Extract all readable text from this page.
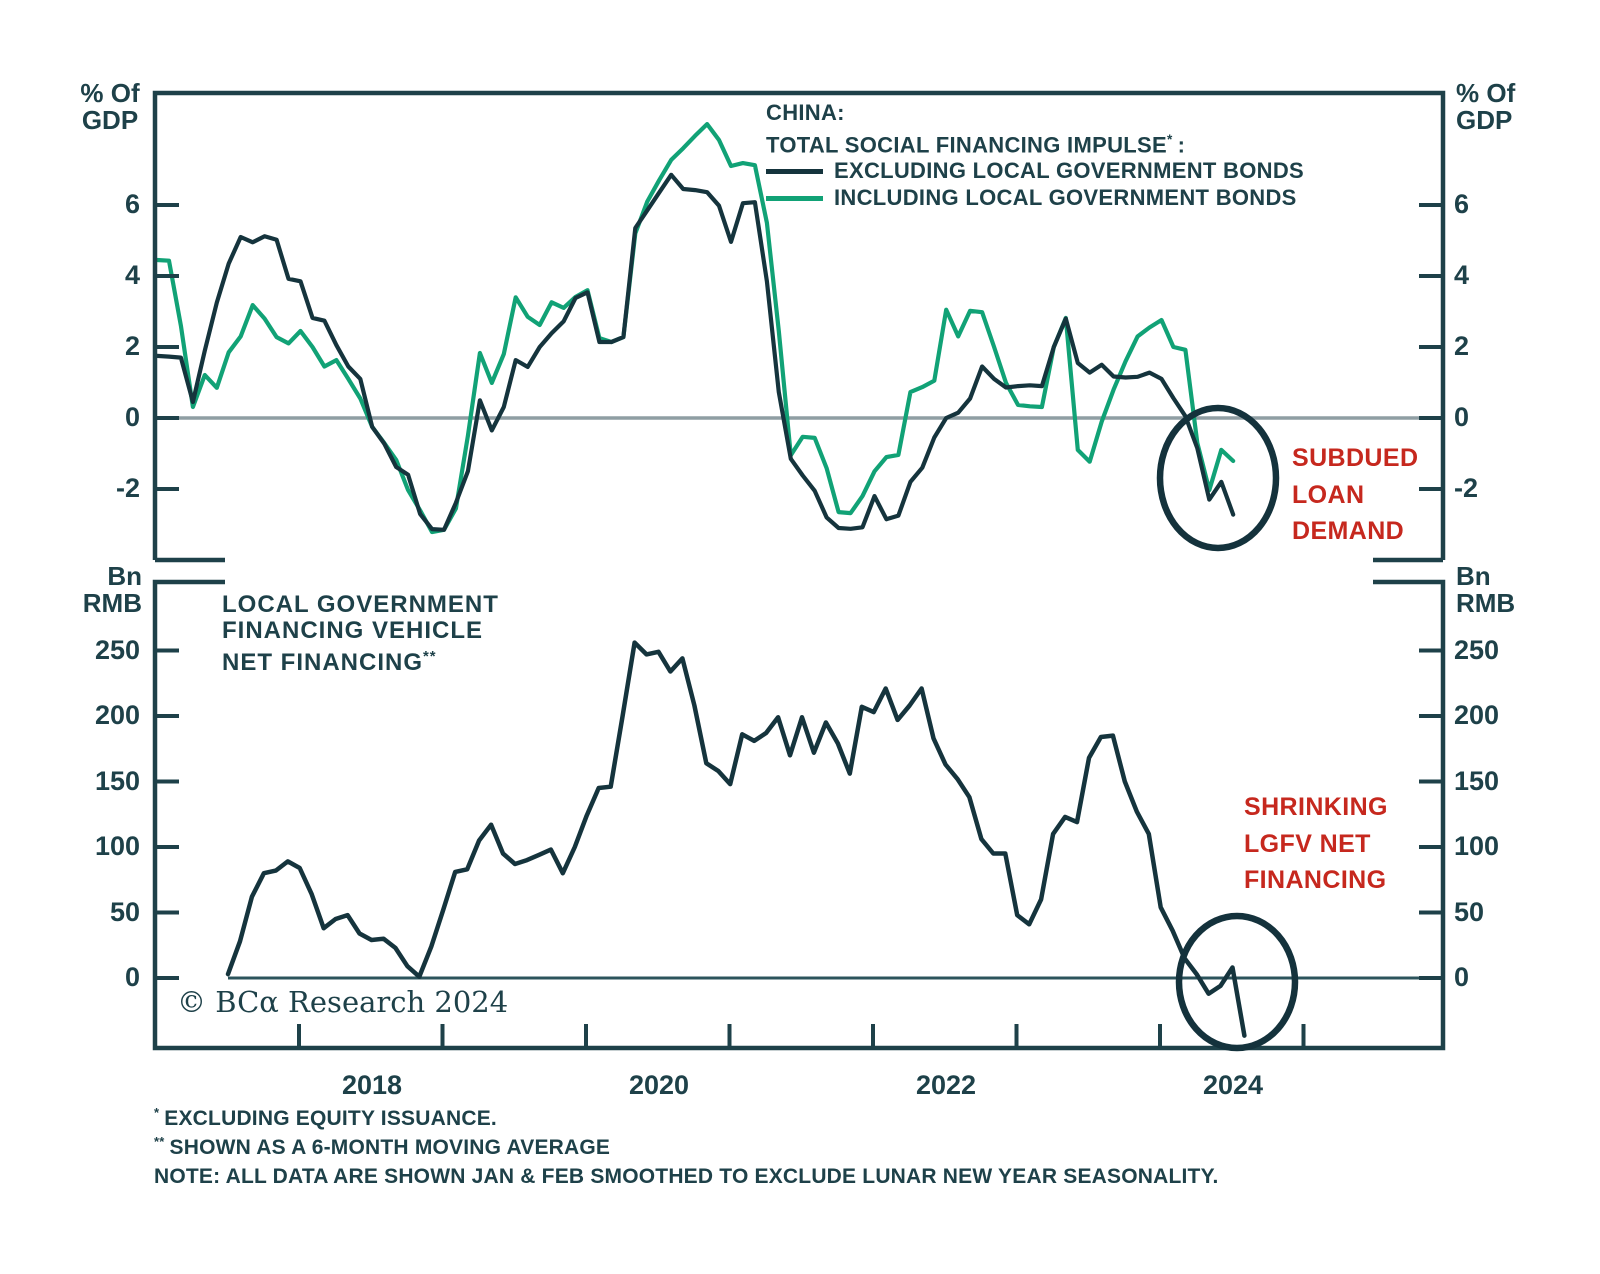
% Of
GDP
% Of
GDP
Bn
RMB
Bn
RMB
CHINA:
TOTAL SOCIAL FINANCING IMPULSE* :
EXCLUDING LOCAL GOVERNMENT BONDS
INCLUDING LOCAL GOVERNMENT BONDS
SUBDUED
LOAN
DEMAND
LOCAL GOVERNMENT
FINANCING VEHICLE
NET FINANCING**
SHRINKING
LGFV NET
FINANCING
© BCα Research 2024
2018	2020	2022	2024
* EXCLUDING EQUITY ISSUANCE.
** SHOWN AS A 6-MONTH MOVING AVERAGE
NOTE: ALL DATA ARE SHOWN JAN & FEB SMOOTHED TO EXCLUDE LUNAR NEW YEAR SEASONALITY.
6	6
4	4
2	2
0	0
-2	-2
250	250
200	200
150	150
100	100
50	50
0	0
